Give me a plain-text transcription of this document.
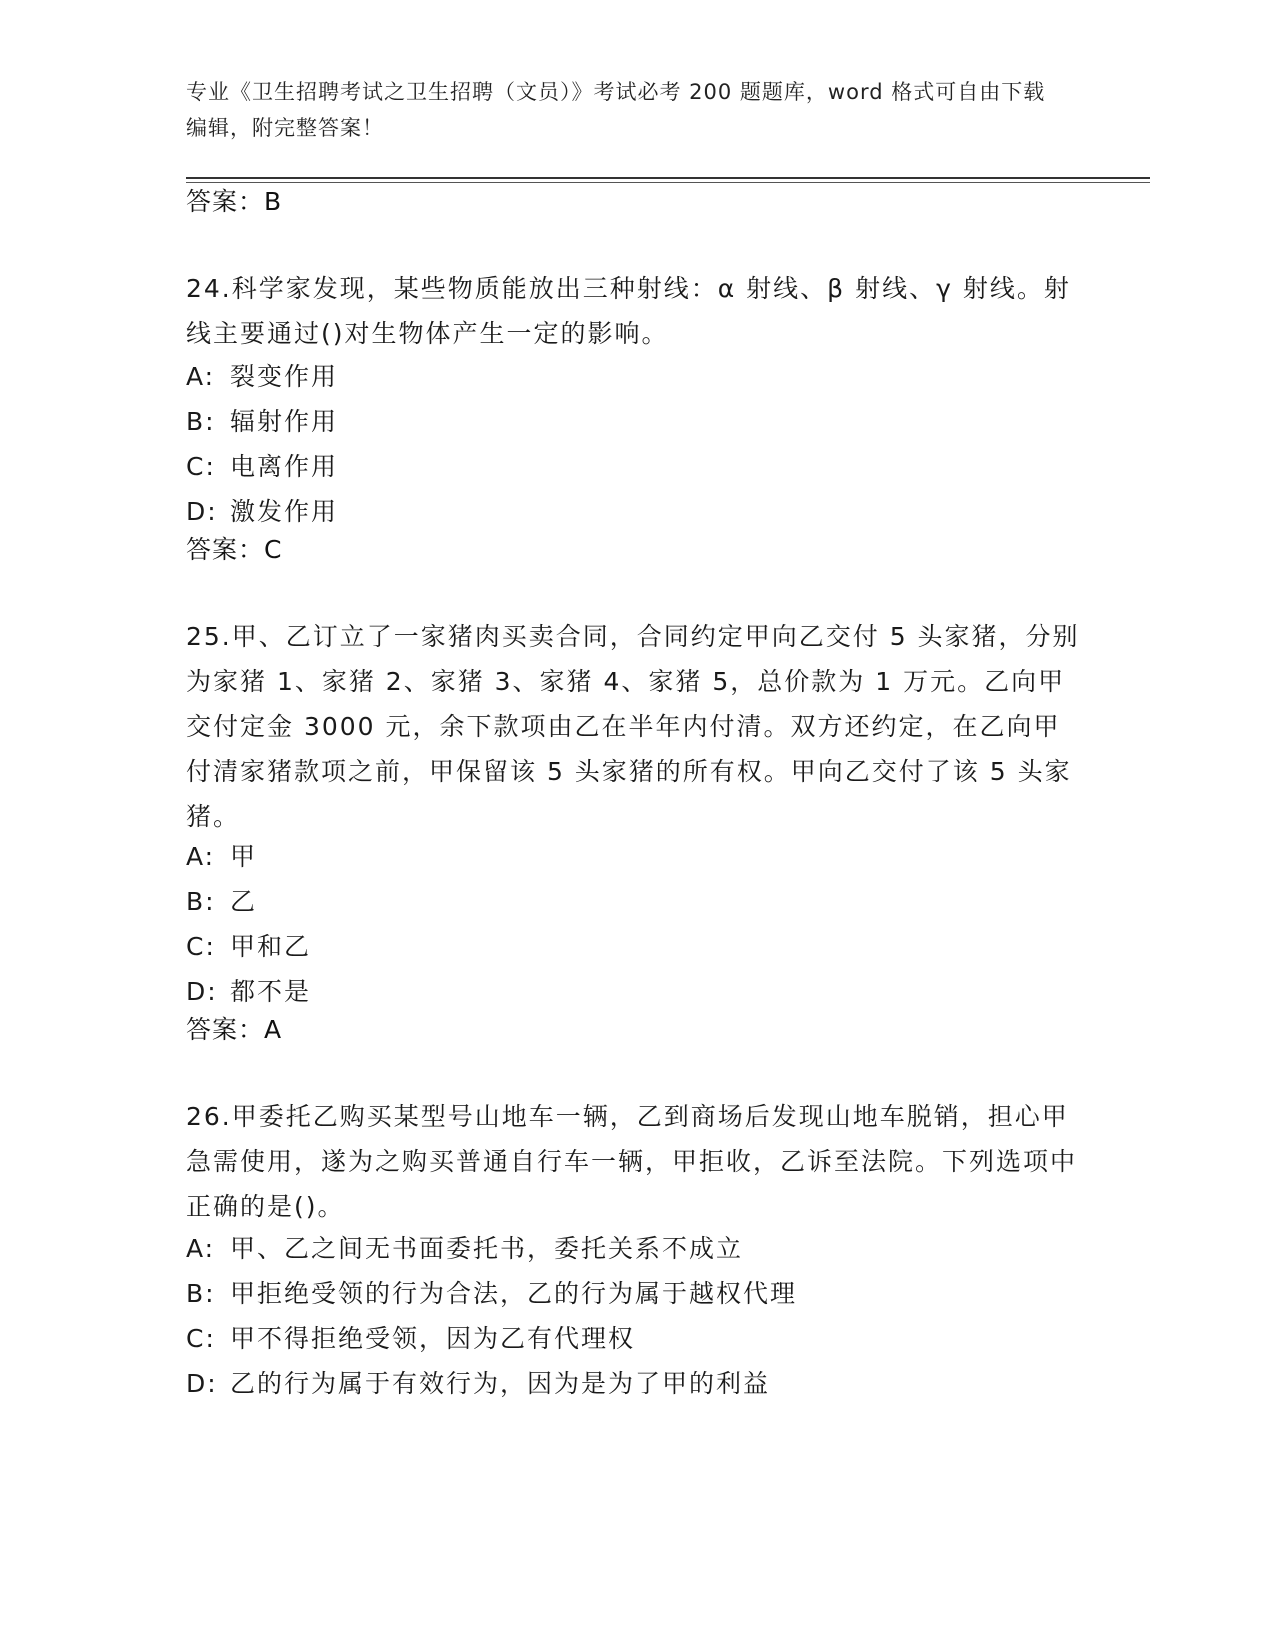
专业《卫生招聘考试之卫生招聘（文员）》考试必考 200 题题库，word 格式可自由下载编辑，附完整答案！
答案：B
24.科学家发现，某些物质能放出三种射线：α 射线、β 射线、γ 射线。射线主要通过()对生物体产生一定的影响。
A: 裂变作用
B: 辐射作用
C: 电离作用
D: 激发作用
答案：C
25.甲、乙订立了一家猪肉买卖合同，合同约定甲向乙交付 5 头家猪，分别为家猪 1、家猪 2、家猪 3、家猪 4、家猪 5，总价款为 1 万元。乙向甲交付定金 3000 元，余下款项由乙在半年内付清。双方还约定，在乙向甲付清家猪款项之前，甲保留该 5 头家猪的所有权。甲向乙交付了该 5 头家猪。
A: 甲
B: 乙
C: 甲和乙
D: 都不是
答案：A
26.甲委托乙购买某型号山地车一辆，乙到商场后发现山地车脱销，担心甲急需使用，遂为之购买普通自行车一辆，甲拒收，乙诉至法院。下列选项中正确的是()。
A: 甲、乙之间无书面委托书，委托关系不成立
B: 甲拒绝受领的行为合法，乙的行为属于越权代理
C: 甲不得拒绝受领，因为乙有代理权
D: 乙的行为属于有效行为，因为是为了甲的利益
